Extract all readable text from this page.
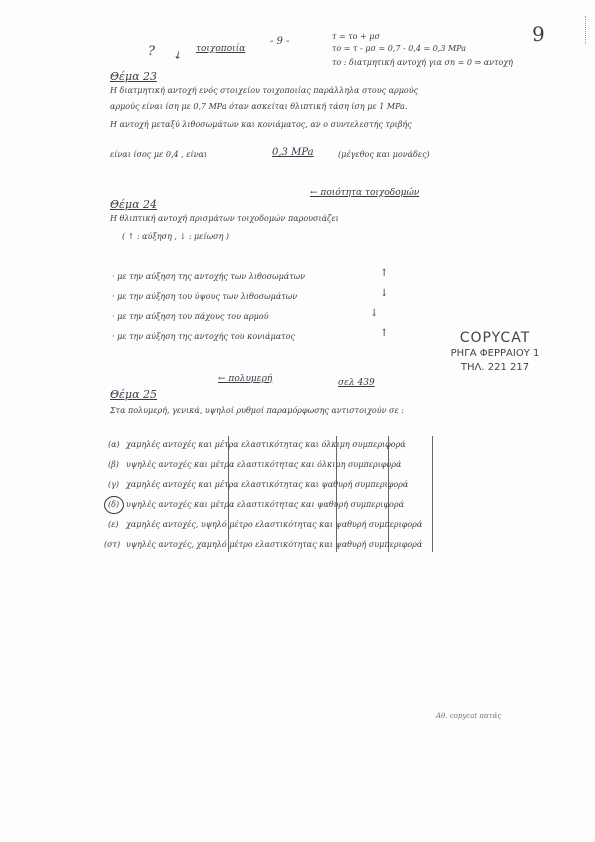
- 9 -	9
τ = τo + μσ
τo = τ - μσ = 0,7 - 0,4 = 0,3 MPa
τo : διατμητική αντοχή για σn = 0 ⇒ αντοχή
? ↙ τοιχοποιία
Θέμα 23
Η διατμητική αντοχή ενός στοιχείου τοιχοποιίας παράλληλα στους αρμούς
αρμούς είναι ίση με 0,7 MPa όταν ασκείται θλιπτική τάση ίση με 1 MPa.
Η αντοχή μεταξύ λιθοσωμάτων και κονιάματος, αν ο συντελεστής τριβής
είναι ίσος με 0,4 , είναι	0,3 MPa	(μέγεθος και μονάδες)
← ποιότητα τοιχοδομών
Θέμα 24
Η θλιπτική αντοχή πρισμάτων τοιχοδομών παρουσιάζει
( ↑ : αύξηση , ↓ : μείωση )
· με την αύξηση της αντοχής των λιθοσωμάτων	↑
· με την αύξηση του ύψους των λιθοσωμάτων	↓
· με την αύξηση του πάχους του αρμού	↓
· με την αύξηση της αντοχής του κονιάματος	↑	COPYCAT
ΡΗΓΑ ΦΕΡΡΑΙΟΥ 1
ΤΗΛ. 221 217
← πολυμερή	σελ 439
Θέμα 25
Στα πολυμερή, γενικά, υψηλοί ρυθμοί παραμόρφωσης αντιστοιχούν σε :
(α) χαμηλές αντοχές και μέτρα ελαστικότητας και όλκιμη συμπεριφορά
(β) υψηλές αντοχές και μέτρα ελαστικότητας και όλκιμη συμπεριφορά
(γ) χαμηλές αντοχές και μέτρα ελαστικότητας και ψαθυρή συμπεριφορά
(δ) υψηλές αντοχές και μέτρα ελαστικότητας και ψαθυρή συμπεριφορά
(ε) χαμηλές αντοχές, υψηλό μέτρο ελαστικότητας και ψαθυρή συμπεριφορά
(στ) υψηλές αντοχές, χαμηλό μέτρο ελαστικότητας και ψαθυρή συμπεριφορά
Αθ. copycat πατάς
